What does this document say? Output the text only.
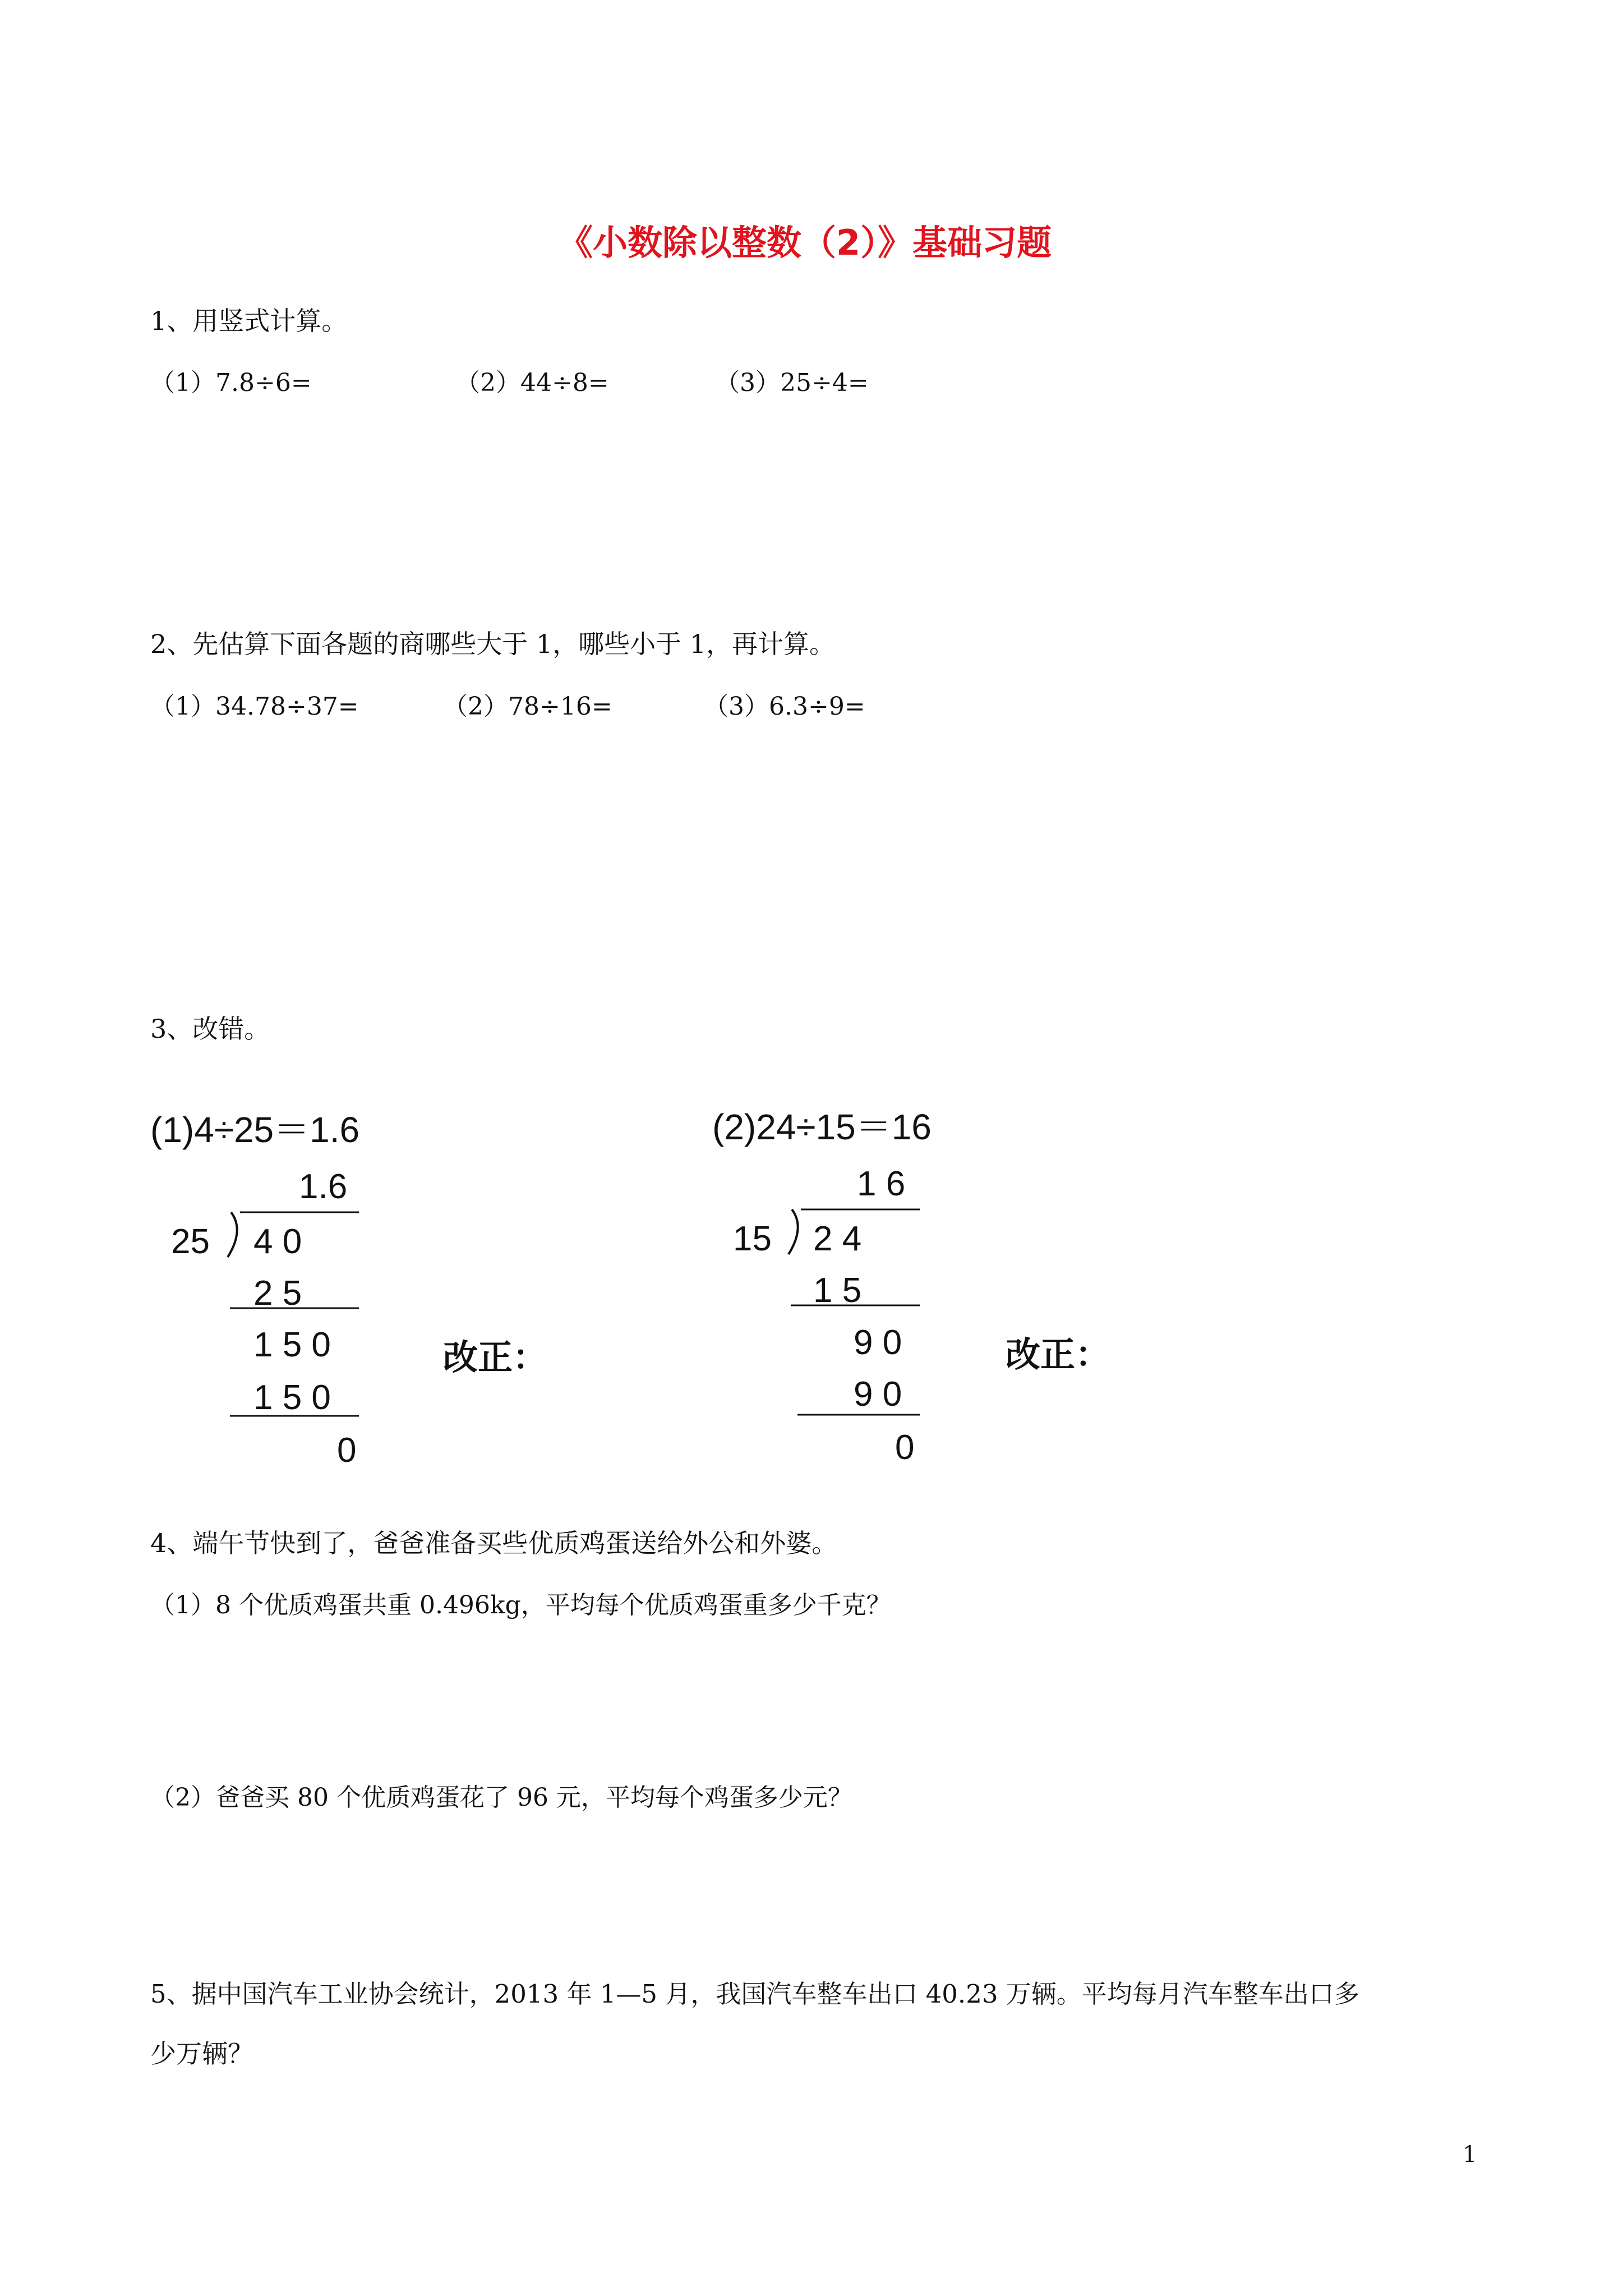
《小数除以整数（2）》基础习题
1、用竖式计算。
（1）7.8÷6=	（2）44÷8=	（3）25÷4=
2、先估算下面各题的商哪些大于 1，哪些小于 1，再计算。
（1）34.78÷37=	（2）78÷16=	（3）6.3÷9=
3、改错。
(1)4÷25＝1.6
1.6
25 4 0
2 5
1 5 0
1 5 0
0
改正：
(2)24÷15＝16
1 6
15 2 4
1 5
9 0
9 0
0
改正：
4、端午节快到了，爸爸准备买些优质鸡蛋送给外公和外婆。
（1）8 个优质鸡蛋共重 0.496kg，平均每个优质鸡蛋重多少千克？
（2）爸爸买 80 个优质鸡蛋花了 96 元，平均每个鸡蛋多少元？
5、据中国汽车工业协会统计，2013 年 1—5 月，我国汽车整车出口 40.23 万辆。平均每月汽车整车出口多
少万辆？
1
